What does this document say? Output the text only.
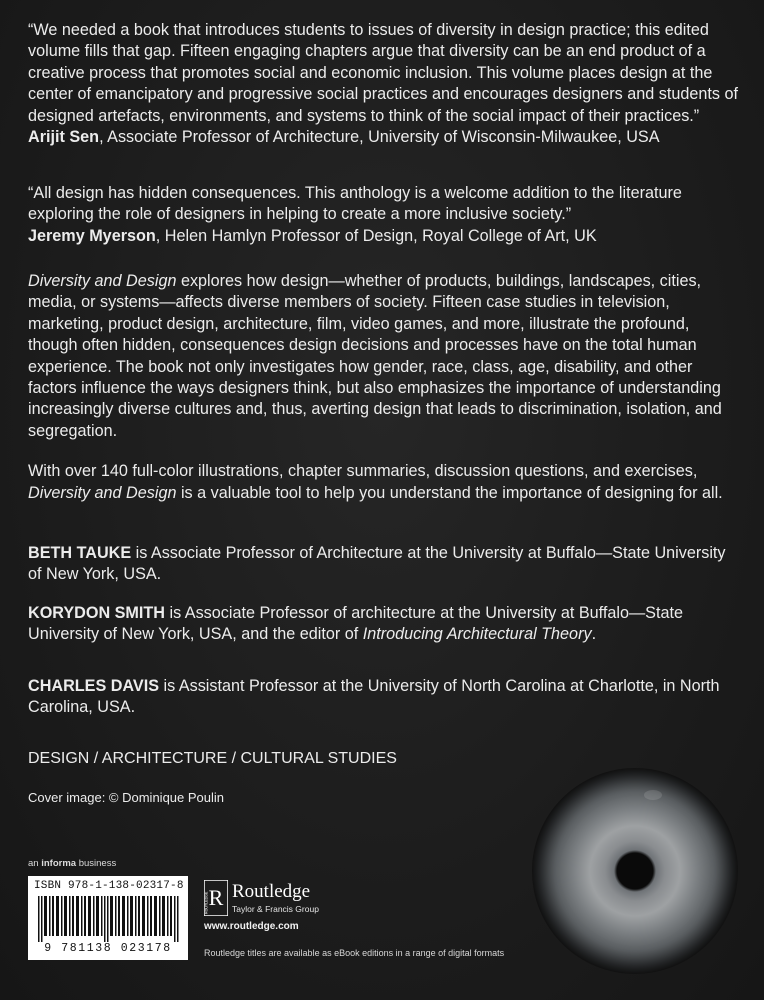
“We needed a book that introduces students to issues of diversity in design practice; this edited volume fills that gap. Fifteen engaging chapters argue that diversity can be an end product of a creative process that promotes social and economic inclusion. This volume places design at the center of emancipatory and progressive social practices and encourages designers and students of designed artefacts, environments, and systems to think of the social impact of their practices.”

Arijit Sen, Associate Professor of Architecture, University of Wisconsin-Milwaukee, USA

“All design has hidden consequences. This anthology is a welcome addition to the literature exploring the role of designers in helping to create a more inclusive society.”

Jeremy Myerson, Helen Hamlyn Professor of Design, Royal College of Art, UK

Diversity and Design explores how design—whether of products, buildings, landscapes, cities, media, or systems—affects diverse members of society. Fifteen case studies in television, marketing, product design, architecture, film, video games, and more, illustrate the profound, though often hidden, consequences design decisions and processes have on the total human experience. The book not only investigates how gender, race, class, age, disability, and other factors influence the ways designers think, but also emphasizes the importance of understanding increasingly diverse cultures and, thus, averting design that leads to discrimination, isolation, and segregation.

With over 140 full-color illustrations, chapter summaries, discussion questions, and exercises, Diversity and Design is a valuable tool to help you understand the importance of designing for all.

BETH TAUKE is Associate Professor of Architecture at the University at Buffalo—State University of New York, USA.

KORYDON SMITH is Associate Professor of architecture at the University at Buffalo—State University of New York, USA, and the editor of Introducing Architectural Theory.

CHARLES DAVIS is Assistant Professor at the University of North Carolina at Charlotte, in North Carolina, USA.

DESIGN / ARCHITECTURE / CULTURAL STUDIES
Cover image: © Dominique Poulin
an informa business
ISBN 978-1-138-02317-8
9 781138 023178
R
ROUTLEDGE
Routledge
Taylor & Francis Group
www.routledge.com
Routledge titles are available as eBook editions in a range of digital formats
